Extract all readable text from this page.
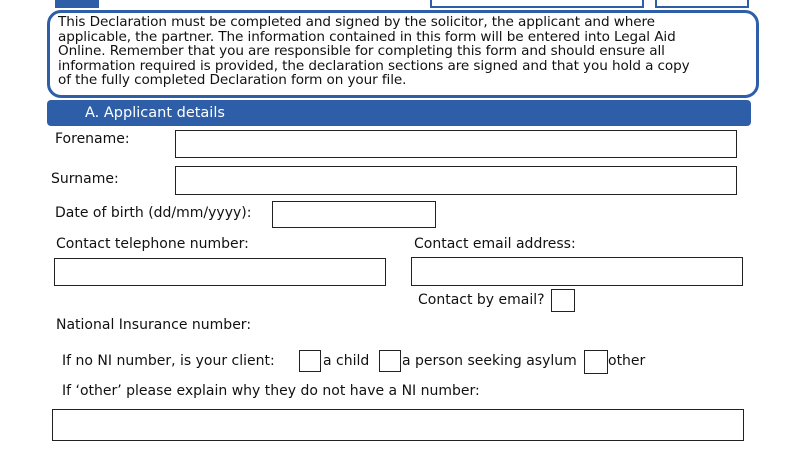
This Declaration must be completed and signed by the solicitor, the applicant and where
applicable, the partner. The information contained in this form will be entered into Legal Aid
Online. Remember that you are responsible for completing this form and should ensure all
information required is provided, the declaration sections are signed and that you hold a copy
of the fully completed Declaration form on your file.
A. Applicant details
Forename:
Surname:
Date of birth (dd/mm/yyyy):
Contact telephone number:	Contact email address:
Contact by email?
National Insurance number:
If no NI number, is your client:	a child a person seeking asylum other
If ‘other’ please explain why they do not have a NI number:
